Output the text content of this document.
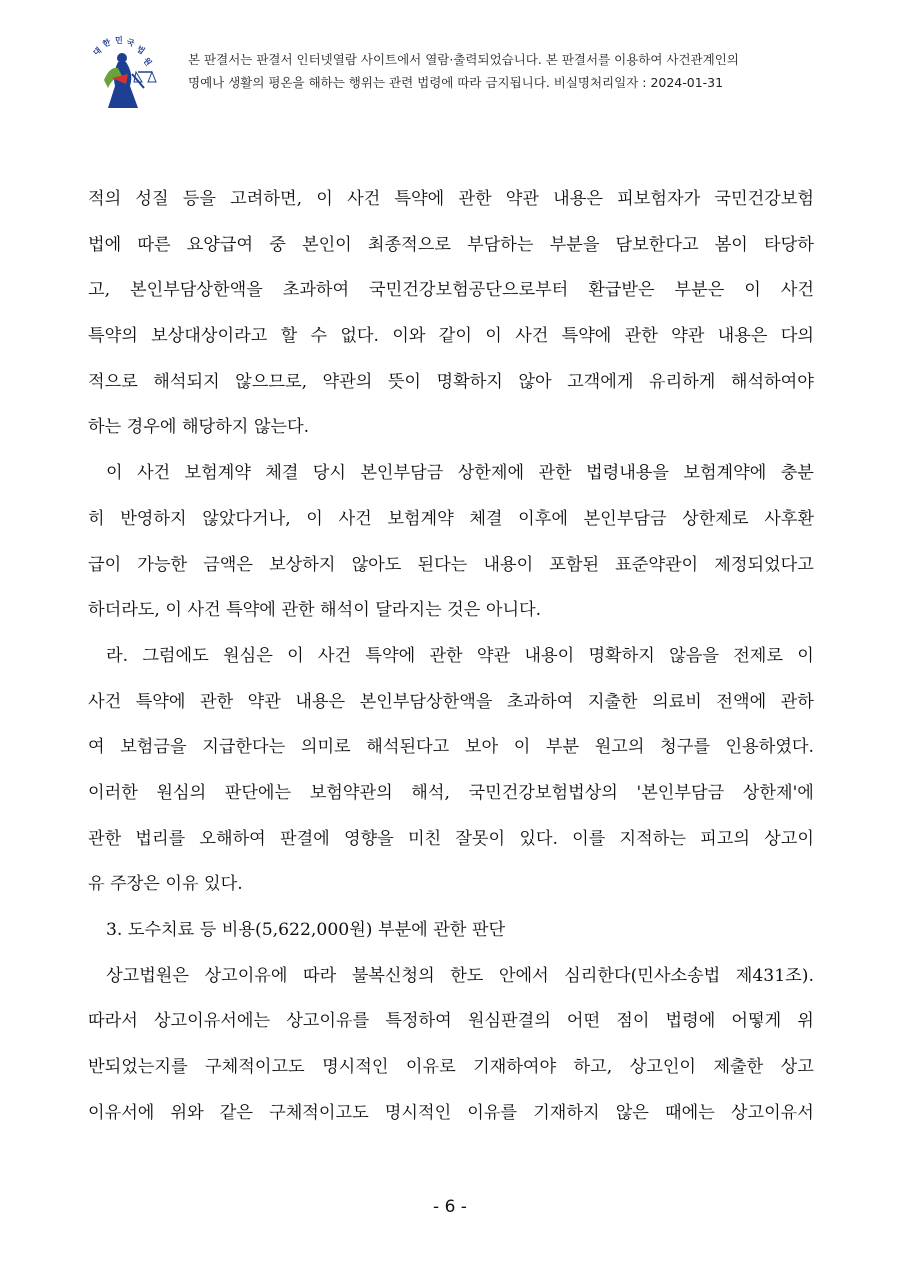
대
한 민 국
법
원	본 판결서는 판결서 인터넷열람 사이트에서 열람·출력되었습니다. 본 판결서를 이용하여 사건관계인의
명예나 생활의 평온을 해하는 행위는 관련 법령에 따라 금지됩니다. 비실명처리일자 : 2024-01-31
적의 성질 등을 고려하면, 이 사건 특약에 관한 약관 내용은 피보험자가 국민건강보험
법에 따른 요양급여 중 본인이 최종적으로 부담하는 부분을 담보한다고 봄이 타당하
고, 본인부담상한액을 초과하여 국민건강보험공단으로부터 환급받은 부분은 이 사건
특약의 보상대상이라고 할 수 없다. 이와 같이 이 사건 특약에 관한 약관 내용은 다의
적으로 해석되지 않으므로, 약관의 뜻이 명확하지 않아 고객에게 유리하게 해석하여야
하는 경우에 해당하지 않는다.
이 사건 보험계약 체결 당시 본인부담금 상한제에 관한 법령내용을 보험계약에 충분
히 반영하지 않았다거나, 이 사건 보험계약 체결 이후에 본인부담금 상한제로 사후환
급이 가능한 금액은 보상하지 않아도 된다는 내용이 포함된 표준약관이 제정되었다고
하더라도, 이 사건 특약에 관한 해석이 달라지는 것은 아니다.
라. 그럼에도 원심은 이 사건 특약에 관한 약관 내용이 명확하지 않음을 전제로 이
사건 특약에 관한 약관 내용은 본인부담상한액을 초과하여 지출한 의료비 전액에 관하
여 보험금을 지급한다는 의미로 해석된다고 보아 이 부분 원고의 청구를 인용하였다.
이러한 원심의 판단에는 보험약관의 해석, 국민건강보험법상의 '본인부담금 상한제'에
관한 법리를 오해하여 판결에 영향을 미친 잘못이 있다. 이를 지적하는 피고의 상고이
유 주장은 이유 있다.
3. 도수치료 등 비용(5,622,000원) 부분에 관한 판단
상고법원은 상고이유에 따라 불복신청의 한도 안에서 심리한다(민사소송법 제431조).
따라서 상고이유서에는 상고이유를 특정하여 원심판결의 어떤 점이 법령에 어떻게 위
반되었는지를 구체적이고도 명시적인 이유로 기재하여야 하고, 상고인이 제출한 상고
이유서에 위와 같은 구체적이고도 명시적인 이유를 기재하지 않은 때에는 상고이유서
- 6 -
